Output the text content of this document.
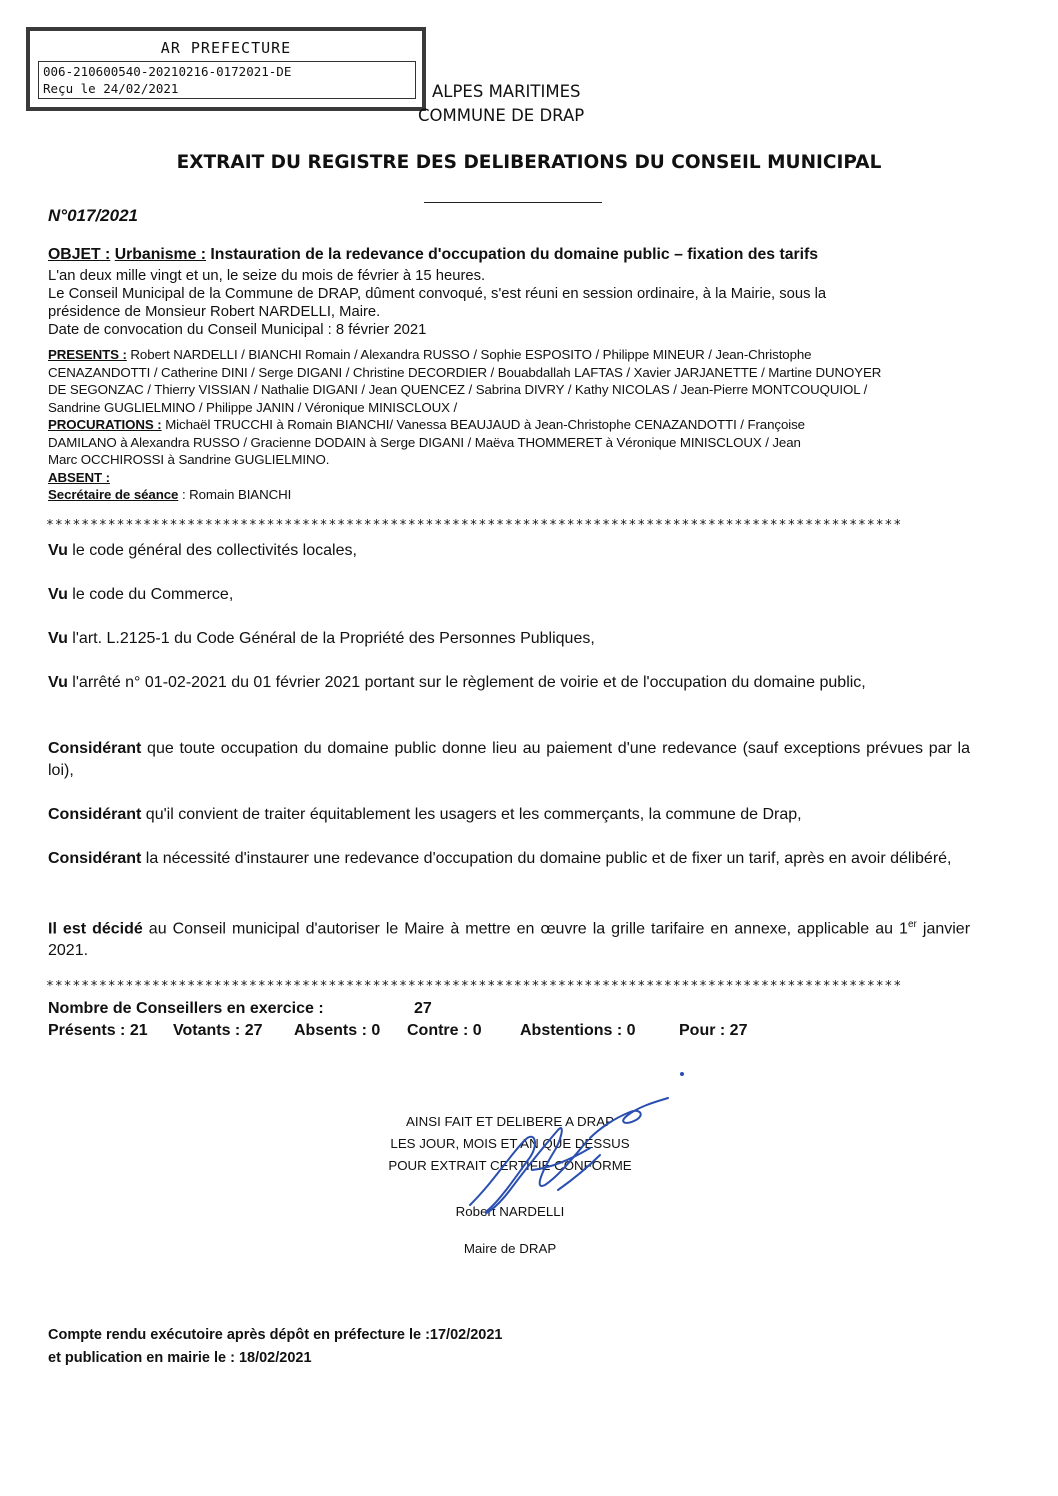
AR PREFECTURE
006-210600540-20210216-0172021-DE
Reçu le 24/02/2021	ALPES MARITIMES
COMMUNE DE DRAP
EXTRAIT DU REGISTRE DES DELIBERATIONS DU CONSEIL MUNICIPAL
N°017/2021
OBJET : Urbanisme : Instauration de la redevance d'occupation du domaine public – fixation des tarifs
L'an deux mille vingt et un, le seize du mois de février à 15 heures.
Le Conseil Municipal de la Commune de DRAP, dûment convoqué, s'est réuni en session ordinaire, à la Mairie, sous la
présidence de Monsieur Robert NARDELLI, Maire.
Date de convocation du Conseil Municipal : 8 février 2021
PRESENTS : Robert NARDELLI / BIANCHI Romain / Alexandra RUSSO / Sophie ESPOSITO / Philippe MINEUR / Jean-Christophe
CENAZANDOTTI / Catherine DINI / Serge DIGANI / Christine DECORDIER / Bouabdallah LAFTAS / Xavier JARJANETTE / Martine DUNOYER
DE SEGONZAC / Thierry VISSIAN / Nathalie DIGANI / Jean QUENCEZ / Sabrina DIVRY / Kathy NICOLAS / Jean-Pierre MONTCOUQUIOL /
Sandrine GUGLIELMINO / Philippe JANIN / Véronique MINISCLOUX /
PROCURATIONS : Michaël TRUCCHI à Romain BIANCHI/ Vanessa BEAUJAUD à Jean-Christophe CENAZANDOTTI / Françoise
DAMILANO à Alexandra RUSSO / Gracienne DODAIN à Serge DIGANI / Maëva THOMMERET à Véronique MINISCLOUX / Jean
Marc OCCHIROSSI à Sandrine GUGLIELMINO.
ABSENT :
Secrétaire de séance : Romain BIANCHI
*************************************************************************************************
Vu le code général des collectivités locales,
Vu le code du Commerce,
Vu l'art. L.2125-1 du Code Général de la Propriété des Personnes Publiques,
Vu l'arrêté n° 01-02-2021 du 01 février 2021 portant sur le règlement de voirie et de l'occupation du domaine public,
Considérant que toute occupation du domaine public donne lieu au paiement d'une redevance (sauf exceptions prévues par la loi),
Considérant qu'il convient de traiter équitablement les usagers et les commerçants, la commune de Drap,
Considérant la nécessité d'instaurer une redevance d'occupation du domaine public et de fixer un tarif, après en avoir délibéré,
Il est décidé au Conseil municipal d'autoriser le Maire à mettre en œuvre la grille tarifaire en annexe, applicable au 1er janvier 2021.
*************************************************************************************************
Nombre de Conseillers en exercice :	27
Présents : 21 Votants : 27 Absents : 0 Contre : 0 Abstentions : 0	Pour : 27
AINSI FAIT ET DELIBERE A DRAP
LES JOUR, MOIS ET AN QUE DESSUS
POUR EXTRAIT CERTIFIE CONFORME
Robert NARDELLI
Maire de DRAP
Compte rendu exécutoire après dépôt en préfecture le :17/02/2021
et publication en mairie le : 18/02/2021
